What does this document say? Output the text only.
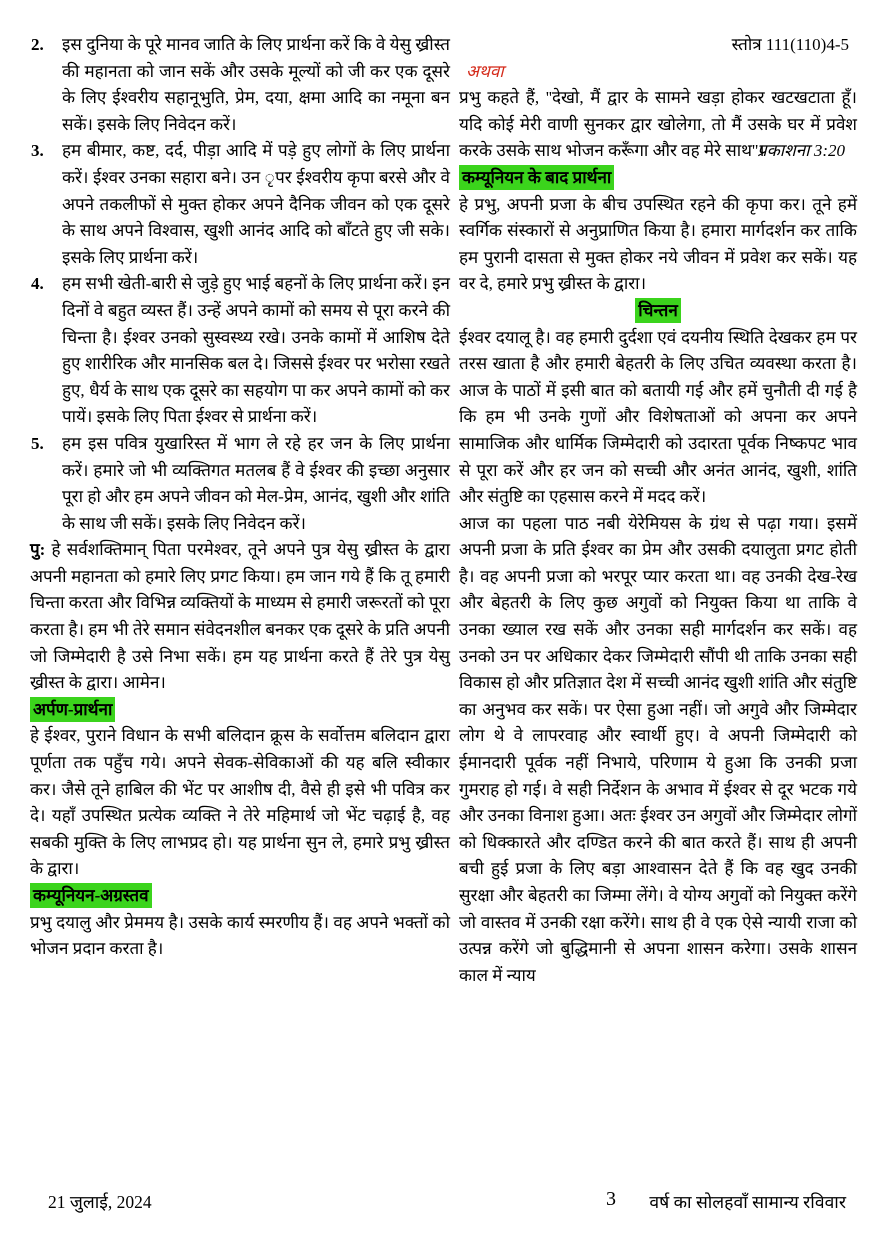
2. इस दुनिया के पूरे मानव जाति के लिए प्रार्थना करें कि वे येसु ख्रीस्त की महानता को जान सकें और उसके मूल्यों को जी कर एक दूसरे के लिए ईश्वरीय सहानूभुति, प्रेम, दया, क्षमा आदि का नमूना बन सकें। इसके लिए निवेदन करें।
3. हम बीमार, कष्ट, दर्द, पीड़ा आदि में पड़े हुए लोगों के लिए प्रार्थना करें। ईश्वर उनका सहारा बने। उन ृपर ईश्वरीय कृपा बरसे और वे अपने तकलीफों से मुक्त होकर अपने दैनिक जीवन को एक दूसरे के साथ अपने विश्वास, खुशी आनंद आदि को बाँटते हुए जी सके। इसके लिए प्रार्थना करें।
4. हम सभी खेती-बारी से जुड़े हुए भाई बहनों के लिए प्रार्थना करें। इन दिनों वे बहुत व्यस्त हैं। उन्हें अपने कामों को समय से पूरा करने की चिन्ता है। ईश्वर उनको सुस्वस्थ्य रखे। उनके कामों में आशिष देते हुए शारीरिक और मानसिक बल दे। जिससे ईश्वर पर भरोसा रखते हुए, धैर्य के साथ एक दूसरे का सहयोग पा कर अपने कामों को कर पायें। इसके लिए पिता ईश्वर से प्रार्थना करें।
5. हम इस पवित्र युखारिस्त में भाग ले रहे हर जन के लिए प्रार्थना करें। हमारे जो भी व्यक्तिगत मतलब हैं वे ईश्वर की इच्छा अनुसार पूरा हो और हम अपने जीवन को मेल-प्रेम, आनंद, खुशी और शांति के साथ जी सकें। इसके लिए निवेदन करें।
पु: हे सर्वशक्तिमान् पिता परमेश्वर, तूने अपने पुत्र येसु ख्रीस्त के द्वारा अपनी महानता को हमारे लिए प्रगट किया। हम जान गये हैं कि तू हमारी चिन्ता करता और विभिन्न व्यक्तियों के माध्यम से हमारी जरूरतों को पूरा करता है। हम भी तेरे समान संवेदनशील बनकर एक दूसरे के प्रति अपनी जो जिम्मेदारी है उसे निभा सकें। हम यह प्रार्थना करते हैं तेरे पुत्र येसु ख्रीस्त के द्वारा। आमेन।
अर्पण-प्रार्थना
हे ईश्वर, पुराने विधान के सभी बलिदान क्रूस के सर्वोत्तम बलिदान द्वारा पूर्णता तक पहुँच गये। अपने सेवक-सेविकाओं की यह बलि स्वीकार कर। जैसे तूने हाबिल की भेंट पर आशीष दी, वैसे ही इसे भी पवित्र कर दे। यहाँ उपस्थित प्रत्येक व्यक्ति ने तेरे महिमार्थ जो भेंट चढ़ाई है, वह सबकी मुक्ति के लिए लाभप्रद हो। यह प्रार्थना सुन ले, हमारे प्रभु ख्रीस्त के द्वारा।
कम्यूनियन-अग्रस्तव
प्रभु दयालु और प्रेममय है। उसके कार्य स्मरणीय हैं। वह अपने भक्तों को भोजन प्रदान करता है।
स्तोत्र 111(110)4-5
अथवा
प्रभु कहते हैं, ''देखो, मैं द्वार के सामने खड़ा होकर खटखटाता हूँ। यदि कोई मेरी वाणी सुनकर द्वार खोलेगा, तो मैं उसके घर में प्रवेश करके उसके साथ भोजन करूँगा और वह मेरे साथ''।
प्रकाशना 3:20
कम्यूनियन के बाद प्रार्थना
हे प्रभु, अपनी प्रजा के बीच उपस्थित रहने की कृपा कर। तूने हमें स्वर्गिक संस्कारों से अनुप्राणित किया है। हमारा मार्गदर्शन कर ताकि हम पुरानी दासता से मुक्त होकर नये जीवन में प्रवेश कर सकें। यह वर दे, हमारे प्रभु ख्रीस्त के द्वारा।
चिन्तन
ईश्वर दयालू है। वह हमारी दुर्दशा एवं दयनीय स्थिति देखकर हम पर तरस खाता है और हमारी बेहतरी के लिए उचित व्यवस्था करता है। आज के पाठों में इसी बात को बतायी गई और हमें चुनौती दी गई है कि हम भी उनके गुणों और विशेषताओं को अपना कर अपने सामाजिक और धार्मिक जिम्मेदारी को उदारता पूर्वक निष्कपट भाव से पूरा करें और हर जन को सच्ची और अनंत आनंद, खुशी, शांति और संतुष्टि का एहसास करने में मदद करें।
आज का पहला पाठ नबी येरेमियस के ग्रंथ से पढ़ा गया। इसमें अपनी प्रजा के प्रति ईश्वर का प्रेम और उसकी दयालुता प्रगट होती है। वह अपनी प्रजा को भरपूर प्यार करता था। वह उनकी देख-रेख और बेहतरी के लिए कुछ अगुवों को नियुक्त किया था ताकि वे उनका ख्याल रख सकें और उनका सही मार्गदर्शन कर सकें। वह उनको उन पर अधिकार देकर जिम्मेदारी सौंपी थी ताकि उनका सही विकास हो और प्रतिज्ञात देश में सच्ची आनंद खुशी शांति और संतुष्टि का अनुभव कर सकें। पर ऐसा हुआ नहीं। जो अगुवे और जिम्मेदार लोग थे वे लापरवाह और स्वार्थी हुए। वे अपनी जिम्मेदारी को ईमानदारी पूर्वक नहीं निभाये, परिणाम ये हुआ कि उनकी प्रजा गुमराह हो गई। वे सही निर्देशन के अभाव में ईश्वर से दूर भटक गये और उनका विनाश हुआ। अतः ईश्वर उन अगुवों और जिम्मेदार लोगों को धिक्कारते और दण्डित करने की बात करते हैं। साथ ही अपनी बची हुई प्रजा के लिए बड़ा आश्वासन देते हैं कि वह खुद उनकी सुरक्षा और बेहतरी का जिम्मा लेंगे। वे योग्य अगुवों को नियुक्त करेंगे जो वास्तव में उनकी रक्षा करेंगे। साथ ही वे एक ऐसे न्यायी राजा को उत्पन्न करेंगे जो बुद्धिमानी से अपना शासन करेगा। उसके शासन काल में न्याय
21 जुलाई, 2024	3 वर्ष का सोलहवाँ सामान्य रविवार
